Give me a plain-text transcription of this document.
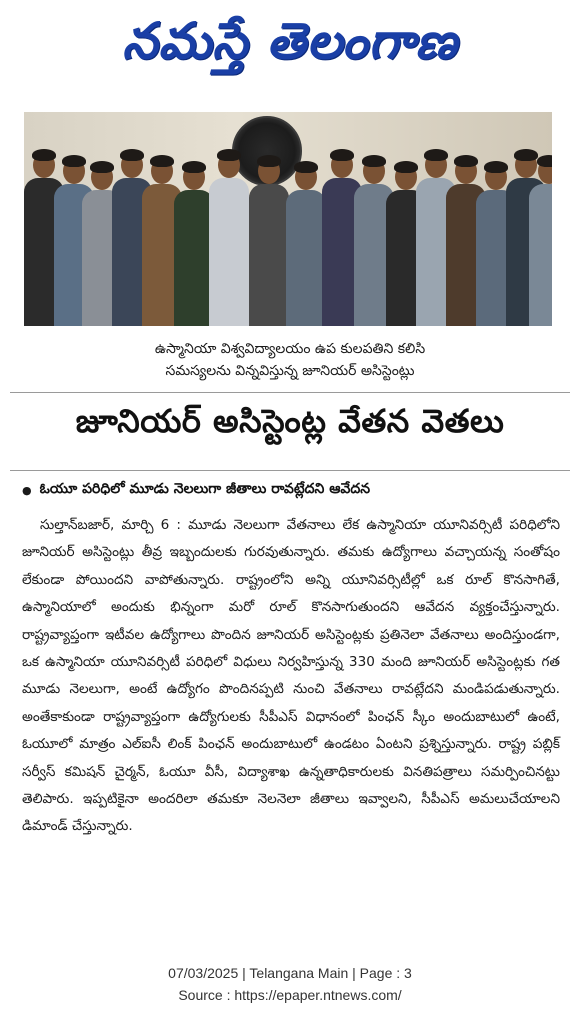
నమస్తే తెలంగాణ
ఉస్మానియా విశ్వవిద్యాలయం ఉప కులపతిని కలిసి
సమస్యలను విన్నవిస్తున్న జూనియర్ అసిస్టెంట్లు
జూనియర్ అసిస్టెంట్ల వేతన వెతలు
● ఓయూ పరిధిలో మూడు నెలలుగా జీతాలు రావట్లేదని ఆవేదన
సుల్తాన్‌బజార్, మార్చి 6 : మూడు నెలలుగా వేతనాలు లేక ఉస్మానియా యూనివర్సిటీ పరిధిలోని జూనియర్ అసిస్టెంట్లు తీవ్ర ఇబ్బందులకు గురవుతున్నారు. తమకు ఉద్యోగాలు వచ్చాయన్న సంతోషం లేకుండా పోయిందని వాపోతున్నారు. రాష్ట్రంలోని అన్ని యూనివర్సిటీల్లో ఒక రూల్ కొనసాగితే, ఉస్మానియాలో అందుకు భిన్నంగా మరో రూల్ కొనసాగుతుందని ఆవేదన వ్యక్తంచేస్తున్నారు. రాష్ట్రవ్యాప్తంగా ఇటీవల ఉద్యోగాలు పొందిన జూనియర్ అసిస్టెంట్లకు ప్రతినెలా వేతనాలు అందిస్తుండగా, ఒక ఉస్మానియా యూనివర్సిటీ పరిధిలో విధులు నిర్వహిస్తున్న 330 మంది జూనియర్ అసిస్టెంట్లకు గత మూడు నెలలుగా, అంటే ఉద్యోగం పొందినప్పటి నుంచి వేతనాలు రావట్లేదని మండిపడుతున్నారు. అంతేకాకుండా రాష్ట్రవ్యాప్తంగా ఉద్యోగులకు సీపీఎస్ విధానంలో పింఛన్ స్కీం అందుబాటులో ఉంటే, ఓయూలో మాత్రం ఎల్ఐసీ లింక్ పింఛన్ అందుబాటులో ఉండటం ఏంటని ప్రశ్నిస్తున్నారు. రాష్ట్ర పబ్లిక్ సర్వీస్ కమిషన్ చైర్మన్, ఓయూ వీసీ, విద్యాశాఖ ఉన్నతాధికారులకు వినతిపత్రాలు సమర్పించినట్టు తెలిపారు. ఇప్పటికైనా అందరిలా తమకూ నెలనెలా జీతాలు ఇవ్వాలని, సీపీఎస్ అమలుచేయాలని డిమాండ్ చేస్తున్నారు.
07/03/2025 | Telangana Main | Page : 3
Source : https://epaper.ntnews.com/
